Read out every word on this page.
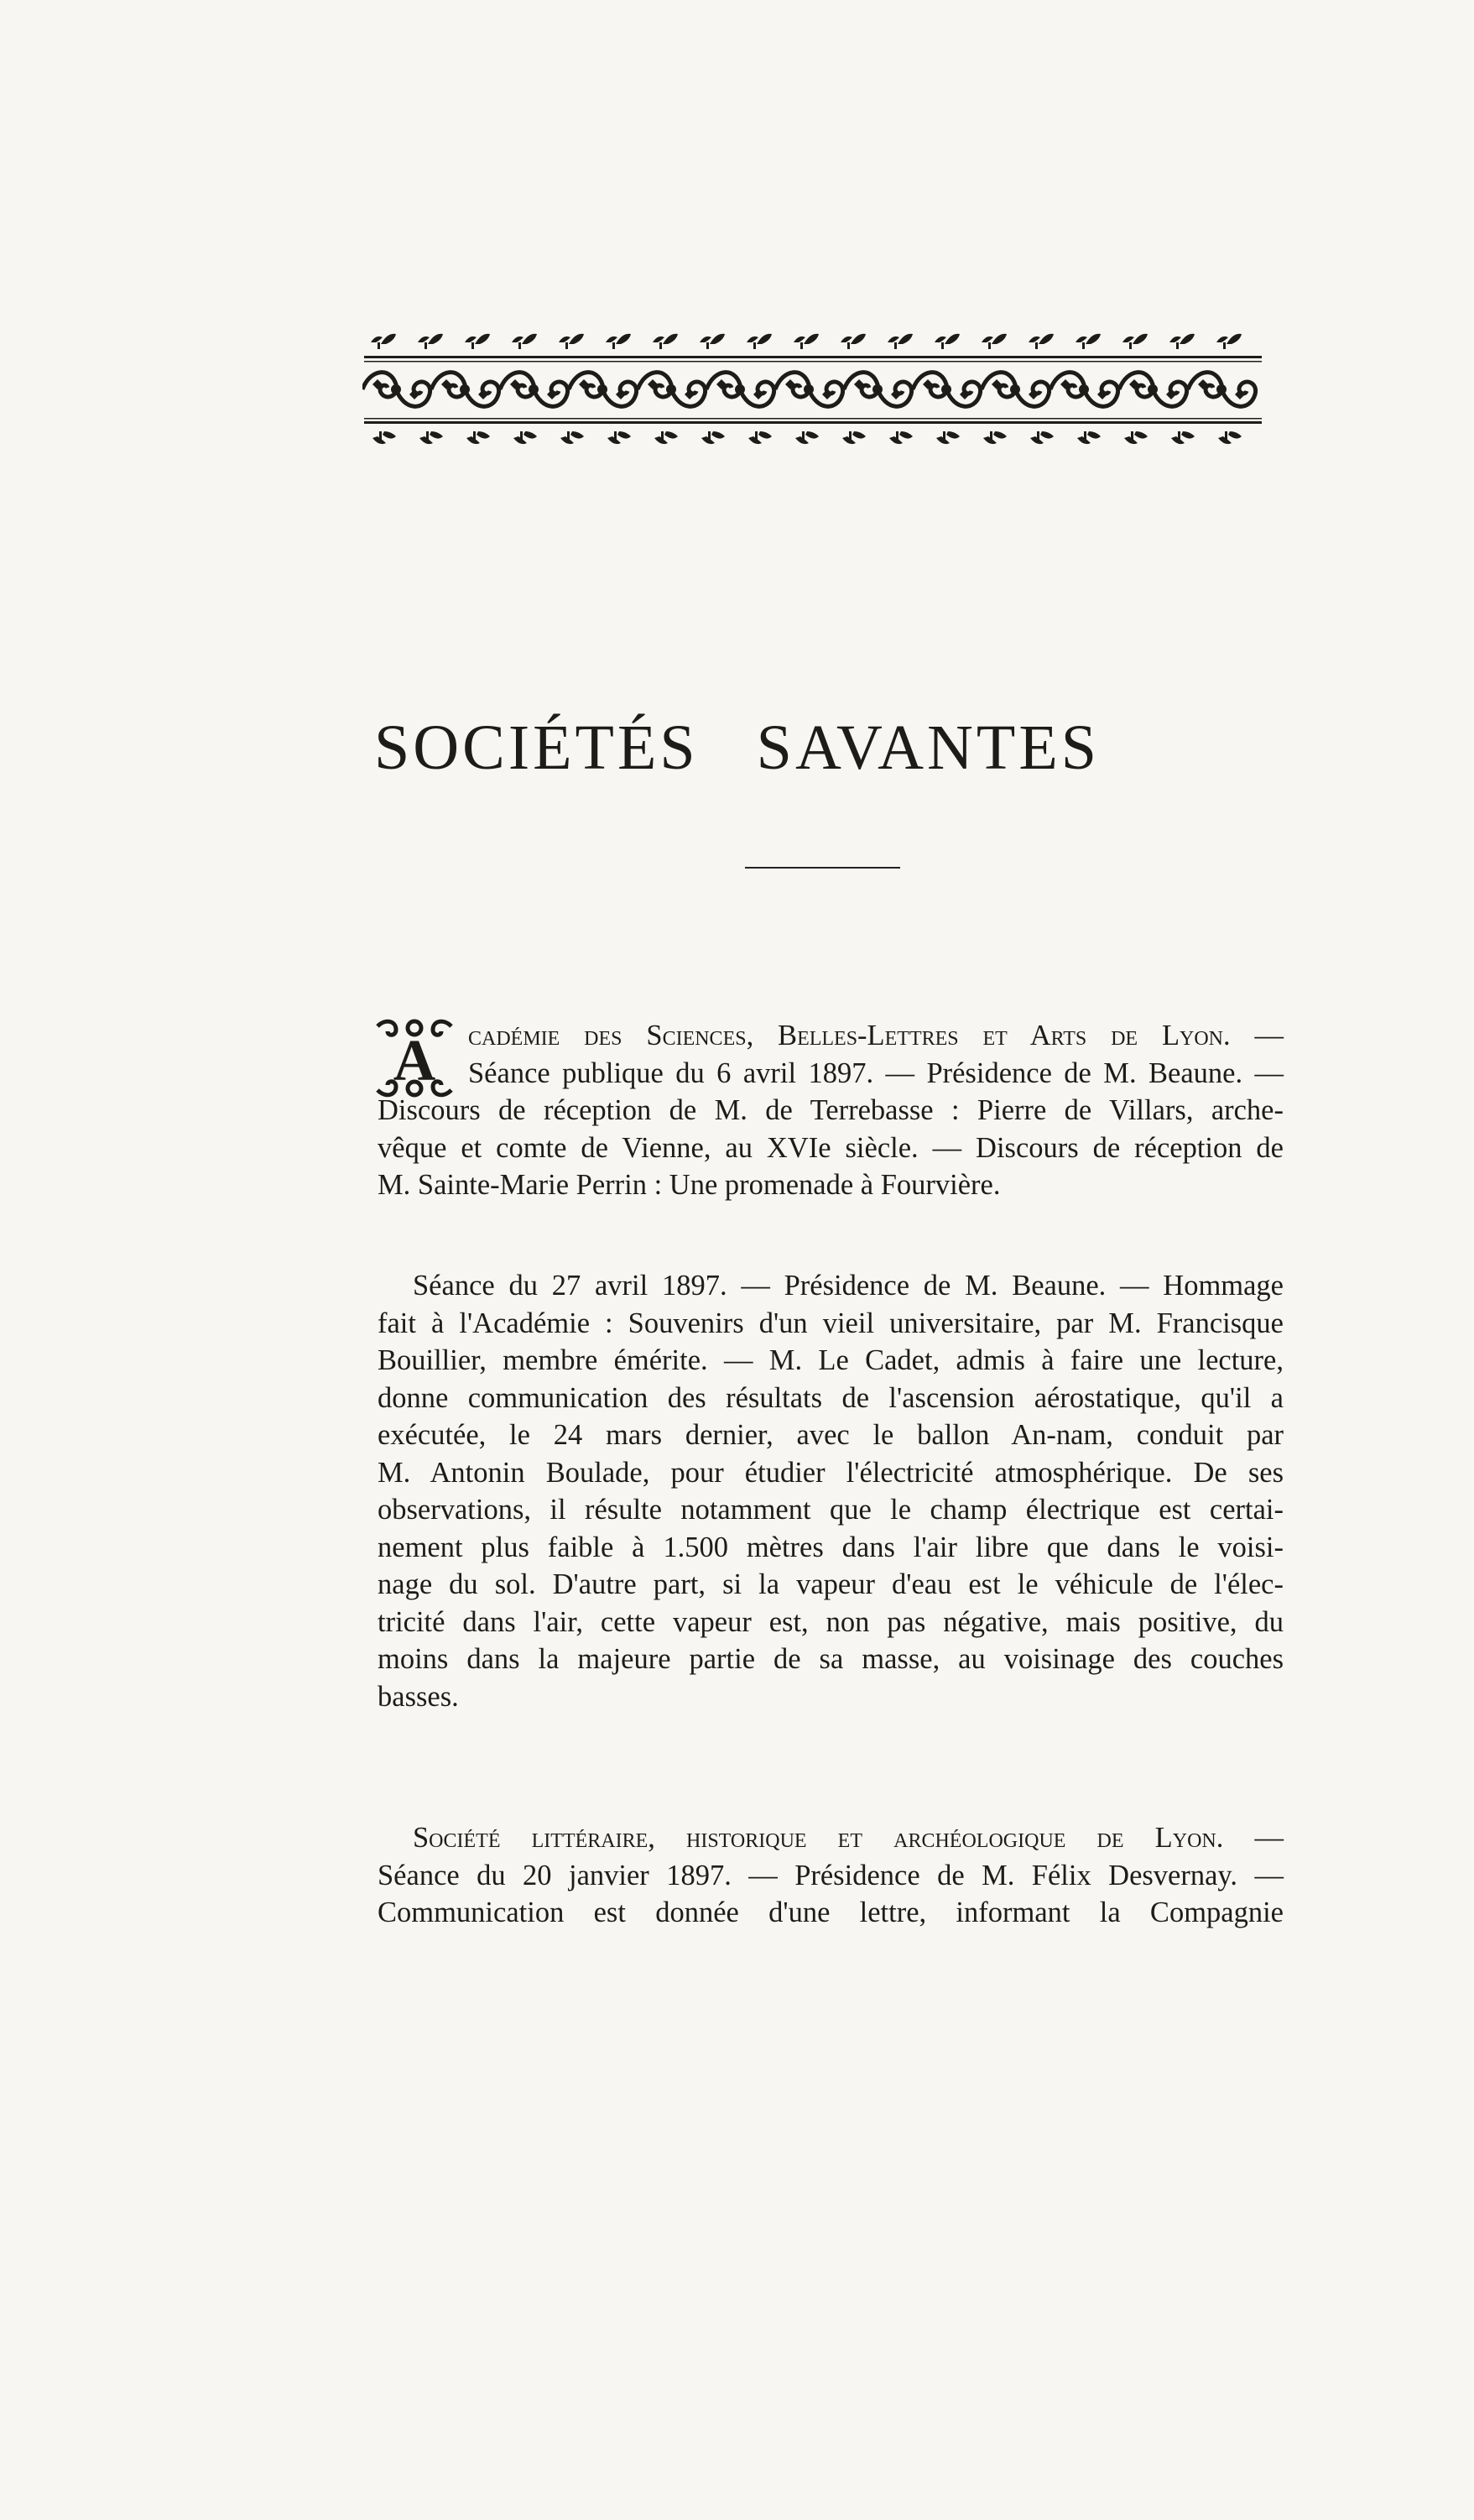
SOCIÉTÉS   SAVANTES
A	cadémie des Sciences, Belles-Lettres et Arts de Lyon. —
Séance publique du 6 avril 1897. — Présidence de M. Beaune. —
Discours de réception de M. de Terrebasse : Pierre de Villars, arche-
vêque et comte de Vienne, au XVIe siècle. — Discours de réception de
M. Sainte-Marie Perrin : Une promenade à Fourvière.
Séance du 27 avril 1897. — Présidence de M. Beaune. — Hommage
fait à l'Académie : Souvenirs d'un vieil universitaire, par M. Francisque
Bouillier, membre émérite. — M. Le Cadet, admis à faire une lecture,
donne communication des résultats de l'ascension aérostatique, qu'il a
exécutée, le 24 mars dernier, avec le ballon An-nam, conduit par
M. Antonin Boulade, pour étudier l'électricité atmosphérique. De ses
observations, il résulte notamment que le champ électrique est certai-
nement plus faible à 1.500 mètres dans l'air libre que dans le voisi-
nage du sol. D'autre part, si la vapeur d'eau est le véhicule de l'élec-
tricité dans l'air, cette vapeur est, non pas négative, mais positive, du
moins dans la majeure partie de sa masse, au voisinage des couches
basses.
Société littéraire, historique et archéologique de Lyon. —
Séance du 20 janvier 1897. — Présidence de M. Félix Desvernay. —
Communication est donnée d'une lettre, informant la Compagnie
